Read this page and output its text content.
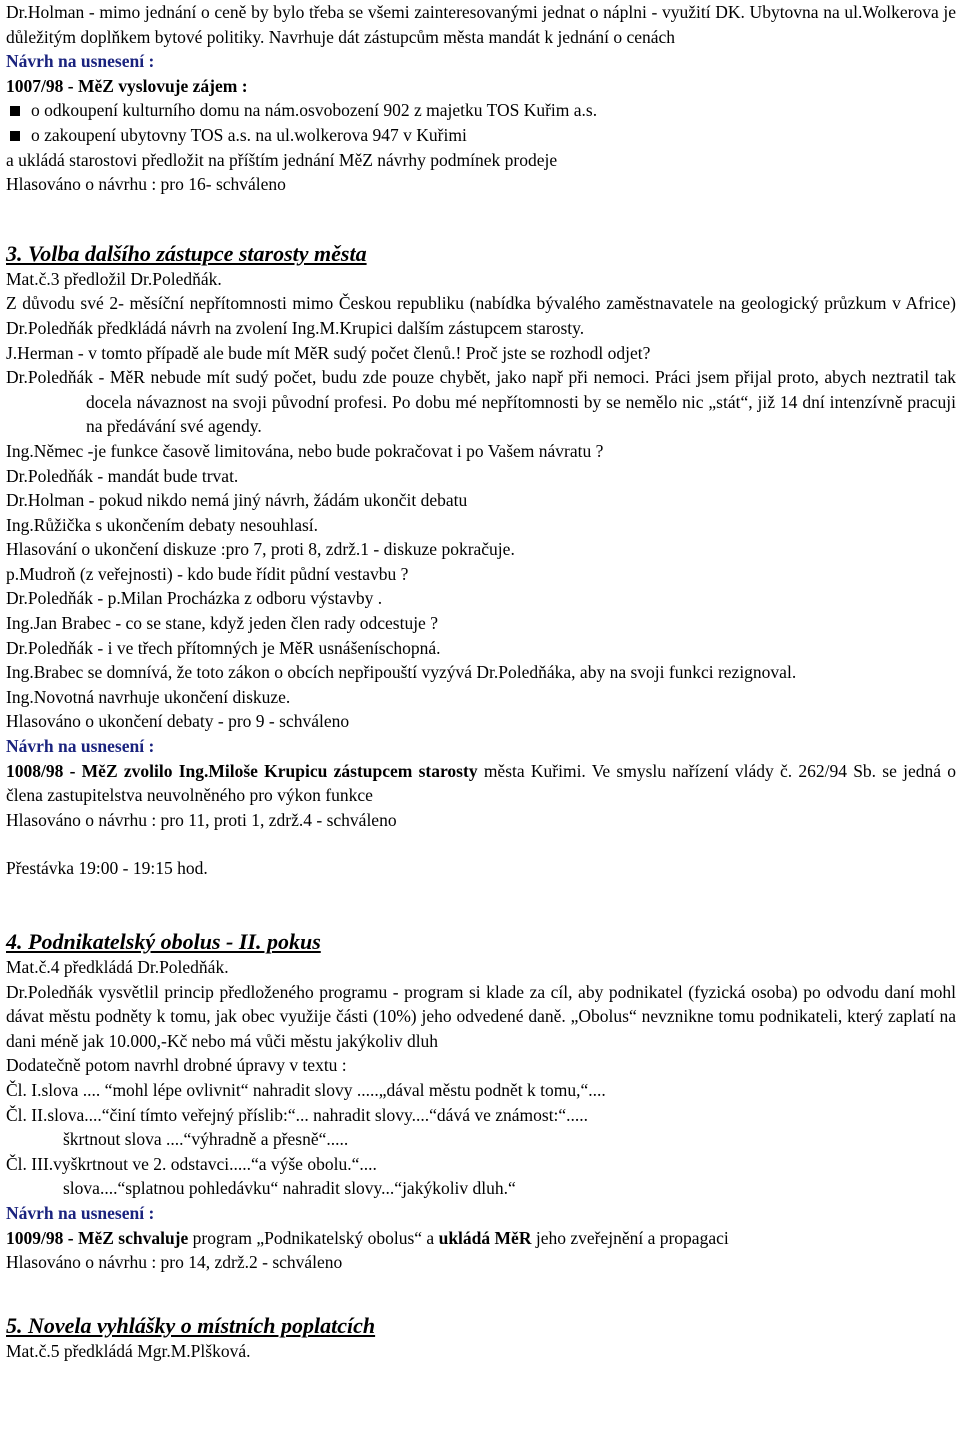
Dr.Holman - mimo jednání o ceně by bylo třeba se všemi zainteresovanými jednat o náplni - využití DK. Ubytovna na ul.Wolkerova je důležitým doplňkem bytové politiky. Navrhuje dát zástupcům města mandát k jednání o cenách

Návrh na usnesení :

1007/98 - MěZ vyslovuje zájem :

o odkoupení kulturního domu na nám.osvobození 902 z majetku TOS Kuřim a.s.
o zakoupení ubytovny TOS a.s. na ul.wolkerova 947 v Kuřimi

a ukládá starostovi předložit na příštím jednání MěZ návrhy podmínek prodeje

Hlasováno o návrhu : pro 16- schváleno

3. Volba dalšího zástupce starosty města

Mat.č.3 předložil Dr.Poledňák.

Z důvodu své 2- měsíční nepřítomnosti mimo Českou republiku (nabídka bývalého zaměstnavatele na geologický průzkum v Africe) Dr.Poledňák předkládá návrh na zvolení Ing.M.Krupici dalším zástupcem starosty.

J.Herman - v tomto případě ale bude mít MěR sudý počet členů.! Proč jste se rozhodl odjet?

Dr.Poledňák - MěR nebude mít sudý počet, budu zde pouze chybět, jako např při nemoci. Práci jsem přijal proto, abych neztratil tak docela návaznost na svoji původní profesi. Po dobu mé nepřítomnosti by se nemělo nic „stát“, již 14 dní intenzívně pracuji na předávání své agendy.

Ing.Němec -je funkce časově limitována, nebo bude pokračovat i po Vašem návratu ?

Dr.Poledňák - mandát bude trvat.

Dr.Holman - pokud nikdo nemá jiný návrh, žádám ukončit debatu

Ing.Růžička s ukončením debaty nesouhlasí.

Hlasování o ukončení diskuze :pro 7, proti 8, zdrž.1 - diskuze pokračuje.

p.Mudroň (z veřejnosti) - kdo bude řídit půdní vestavbu ?

Dr.Poledňák - p.Milan Procházka z odboru výstavby .

Ing.Jan Brabec - co se stane, když jeden člen rady odcestuje ?

Dr.Poledňák - i ve třech přítomných je MěR usnášeníschopná.

Ing.Brabec se domnívá, že toto zákon o obcích nepřipouští vyzývá Dr.Poledňáka, aby na svoji funkci rezignoval.

Ing.Novotná navrhuje ukončení diskuze.

Hlasováno o ukončení debaty - pro 9 - schváleno

Návrh na usnesení :

1008/98 - MěZ zvolilo Ing.Miloše Krupicu zástupcem starosty města Kuřimi. Ve smyslu nařízení vlády č. 262/94 Sb. se jedná o člena zastupitelstva neuvolněného pro výkon funkce

Hlasováno o návrhu : pro 11, proti 1, zdrž.4 - schváleno

Přestávka 19:00 - 19:15 hod.

4. Podnikatelský obolus - II. pokus

Mat.č.4 předkládá Dr.Poledňák.

Dr.Poledňák vysvětlil princip předloženého programu - program si klade za cíl, aby podnikatel (fyzická osoba) po odvodu daní mohl dávat městu podněty k tomu, jak obec využije části (10%) jeho odvedené daně. „Obolus“ nevznikne tomu podnikateli, který zaplatí na dani méně jak 10.000,-Kč nebo má vůči městu jakýkoliv dluh

Dodatečně potom navrhl drobné úpravy v textu :

Čl. I.slova .... “mohl lépe ovlivnit“ nahradit slovy .....„dával městu podnět k tomu,“....

Čl. II.slova....“činí tímto veřejný příslib:“... nahradit slovy....“dává ve známost:“.....

škrtnout slova ....“výhradně a přesně“.....

Čl. III.vyškrtnout ve 2. odstavci.....“a výše obolu.“....

slova....“splatnou pohledávku“ nahradit slovy...“jakýkoliv dluh.“

Návrh na usnesení :

1009/98 - MěZ schvaluje program „Podnikatelský obolus“ a ukládá MěR jeho zveřejnění a propagaci

Hlasováno o návrhu : pro 14, zdrž.2 - schváleno

5. Novela vyhlášky o místních poplatcích

Mat.č.5 předkládá Mgr.M.Plšková.
